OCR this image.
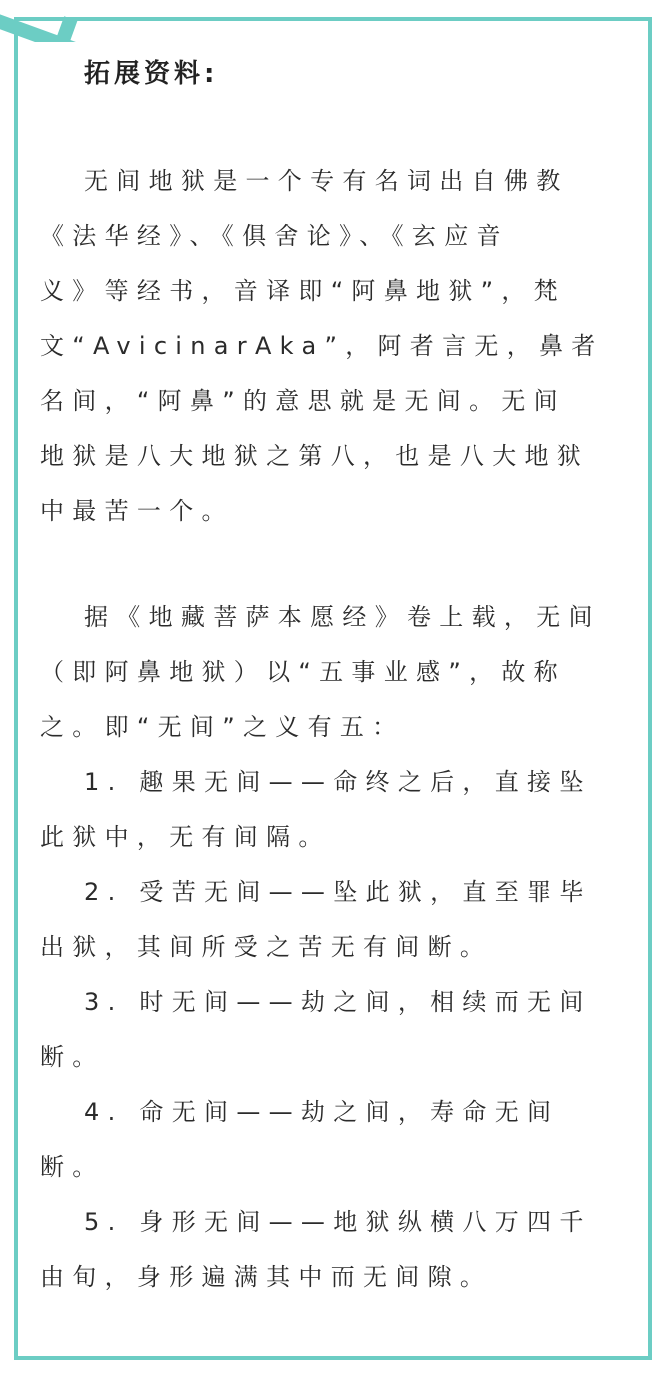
拓展资料:
无间地狱是一个专有名词出自佛教
《法华经》、《俱舍论》、《玄应音
义》等经书，音译即“阿鼻地狱”，梵
文“AvicinarAka”，阿者言无，鼻者
名间，“阿鼻”的意思就是无间。无间
地狱是八大地狱之第八，也是八大地狱
中最苦一个。
据《地藏菩萨本愿经》卷上载，无间
（即阿鼻地狱）以“五事业感”，故称
之。即“无间”之义有五：
1. 趣果无间——命终之后，直接坠
此狱中，无有间隔。
2. 受苦无间——坠此狱，直至罪毕
出狱，其间所受之苦无有间断。
3. 时无间——劫之间，相续而无间
断。
4. 命无间——劫之间，寿命无间
断。
5. 身形无间——地狱纵横八万四千
由旬，身形遍满其中而无间隙。
